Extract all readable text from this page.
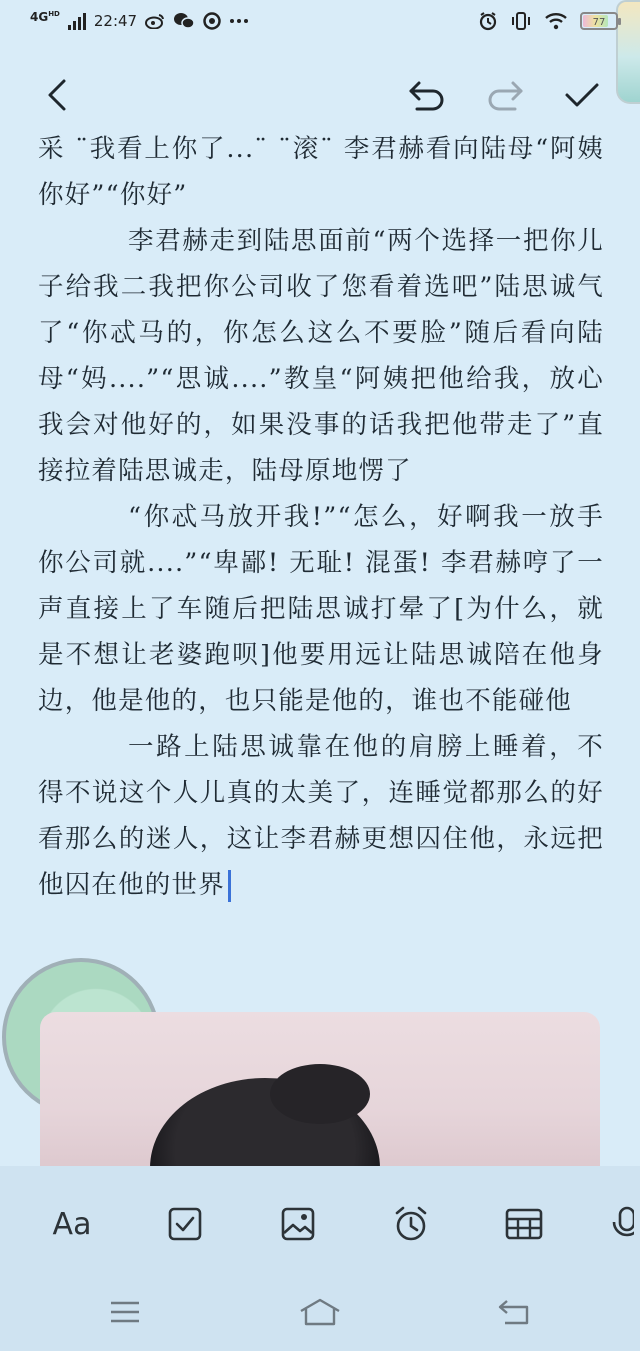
$4G^{HD}$ 22:47	77

采 ¨我看上你了...¨ ¨滚¨ 李君赫看向陆母“阿姨你好”“你好”

李君赫走到陆思面前“两个选择一把你儿子给我二我把你公司收了您看着选吧”陆思诚气了“你忒马的，你怎么这么不要脸”随后看向陆母“妈....”“思诚....”教皇“阿姨把他给我，放心我会对他好的，如果没事的话我把他带走了”直接拉着陆思诚走，陆母原地愣了

“你忒马放开我!”“怎么，好啊我一放手你公司就....”“卑鄙! 无耻! 混蛋! 李君赫哼了一声直接上了车随后把陆思诚打晕了[为什么，就是不想让老婆跑呗]他要用远让陆思诚陪在他身边，他是他的，也只能是他的，谁也不能碰他

一路上陆思诚靠在他的肩膀上睡着，不得不说这个人儿真的太美了，连睡觉都那么的好看那么的迷人，这让李君赫更想囚住他，永远把他囚在他的世界

Aa
